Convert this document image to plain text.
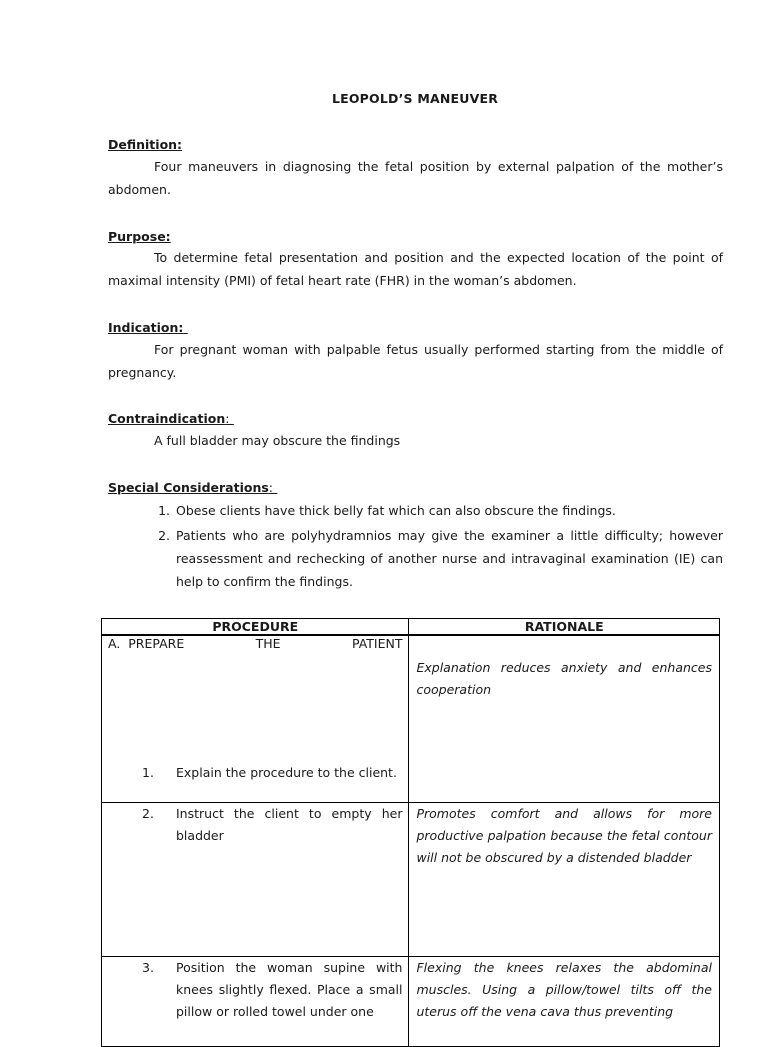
LEOPOLD’S MANEUVER
Definition:
Four maneuvers in diagnosing the fetal position by external palpation of the mother’s abdomen.
Purpose:
To determine fetal presentation and position and the expected location of the point of maximal intensity (PMI) of fetal heart rate (FHR) in the woman’s abdomen.
Indication:
For pregnant woman with palpable fetus usually performed starting from the middle of pregnancy.
Contraindication:
A full bladder may obscure the findings
Special Considerations:
1. Obese clients have thick belly fat which can also obscure the findings.
2. Patients who are polyhydramnios may give the examiner a little difficulty; however reassessment and rechecking of another nurse and intravaginal examination (IE) can help to confirm the findings.
PROCEDURE	RATIONALE

A. PREPARE THE PATIENT
1. Explain the procedure to the client.	Explanation reduces anxiety and enhances cooperation

2. Instruct the client to empty her bladder	Promotes comfort and allows for more productive palpation because the fetal contour will not be obscured by a distended bladder

3. Position the woman supine with knees slightly flexed. Place a small pillow or rolled towel under one	Flexing the knees relaxes the abdominal muscles. Using a pillow/towel tilts off the uterus off the vena cava thus preventing
